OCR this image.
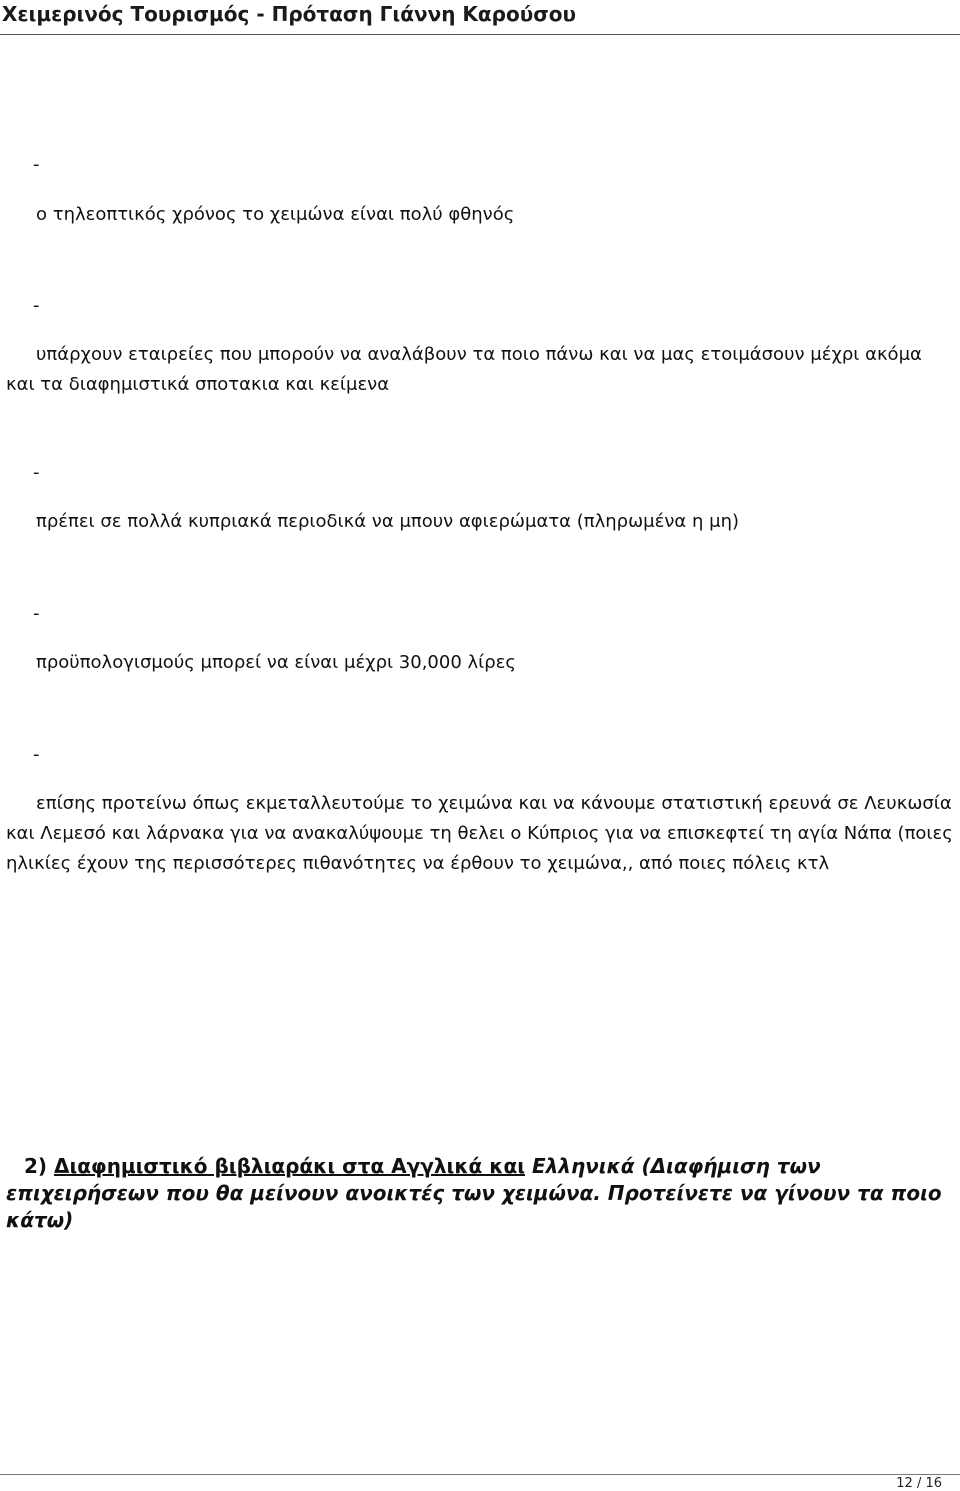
Χειμερινός Τουρισμός - Πρόταση Γιάννη Καρούσου
-

ο τηλεοπτικός χρόνος το χειμώνα είναι πολύ φθηνός

-

υπάρχουν εταιρείες που μπορούν να αναλάβουν τα ποιο πάνω και να μας ετοιμάσουν μέχρι ακόμα και τα διαφημιστικά σποτακια και κείμενα

-

πρέπει σε πολλά κυπριακά περιοδικά να μπουν αφιερώματα (πληρωμένα η μη)

-

προϋπολογισμούς μπορεί να είναι μέχρι 30,000 λίρες

-

επίσης προτείνω όπως εκμεταλλευτούμε το χειμώνα και να κάνουμε στατιστική ερευνά σε Λευκωσία και Λεμεσό και λάρνακα για να ανακαλύψουμε τη θελει ο Κύπριος για να επισκεφτεί τη αγία Νάπα (ποιες ηλικίες έχουν της περισσότερες πιθανότητες να έρθουν το χειμώνα,, από ποιες πόλεις κτλ

2) Διαφημιστικό βιβλιαράκι στα Αγγλικά και Ελληνικά (Διαφήμιση των επιχειρήσεων που θα μείνουν ανοικτές των χειμώνα. Προτείνετε να γίνουν τα ποιο κάτω)

12 / 16
